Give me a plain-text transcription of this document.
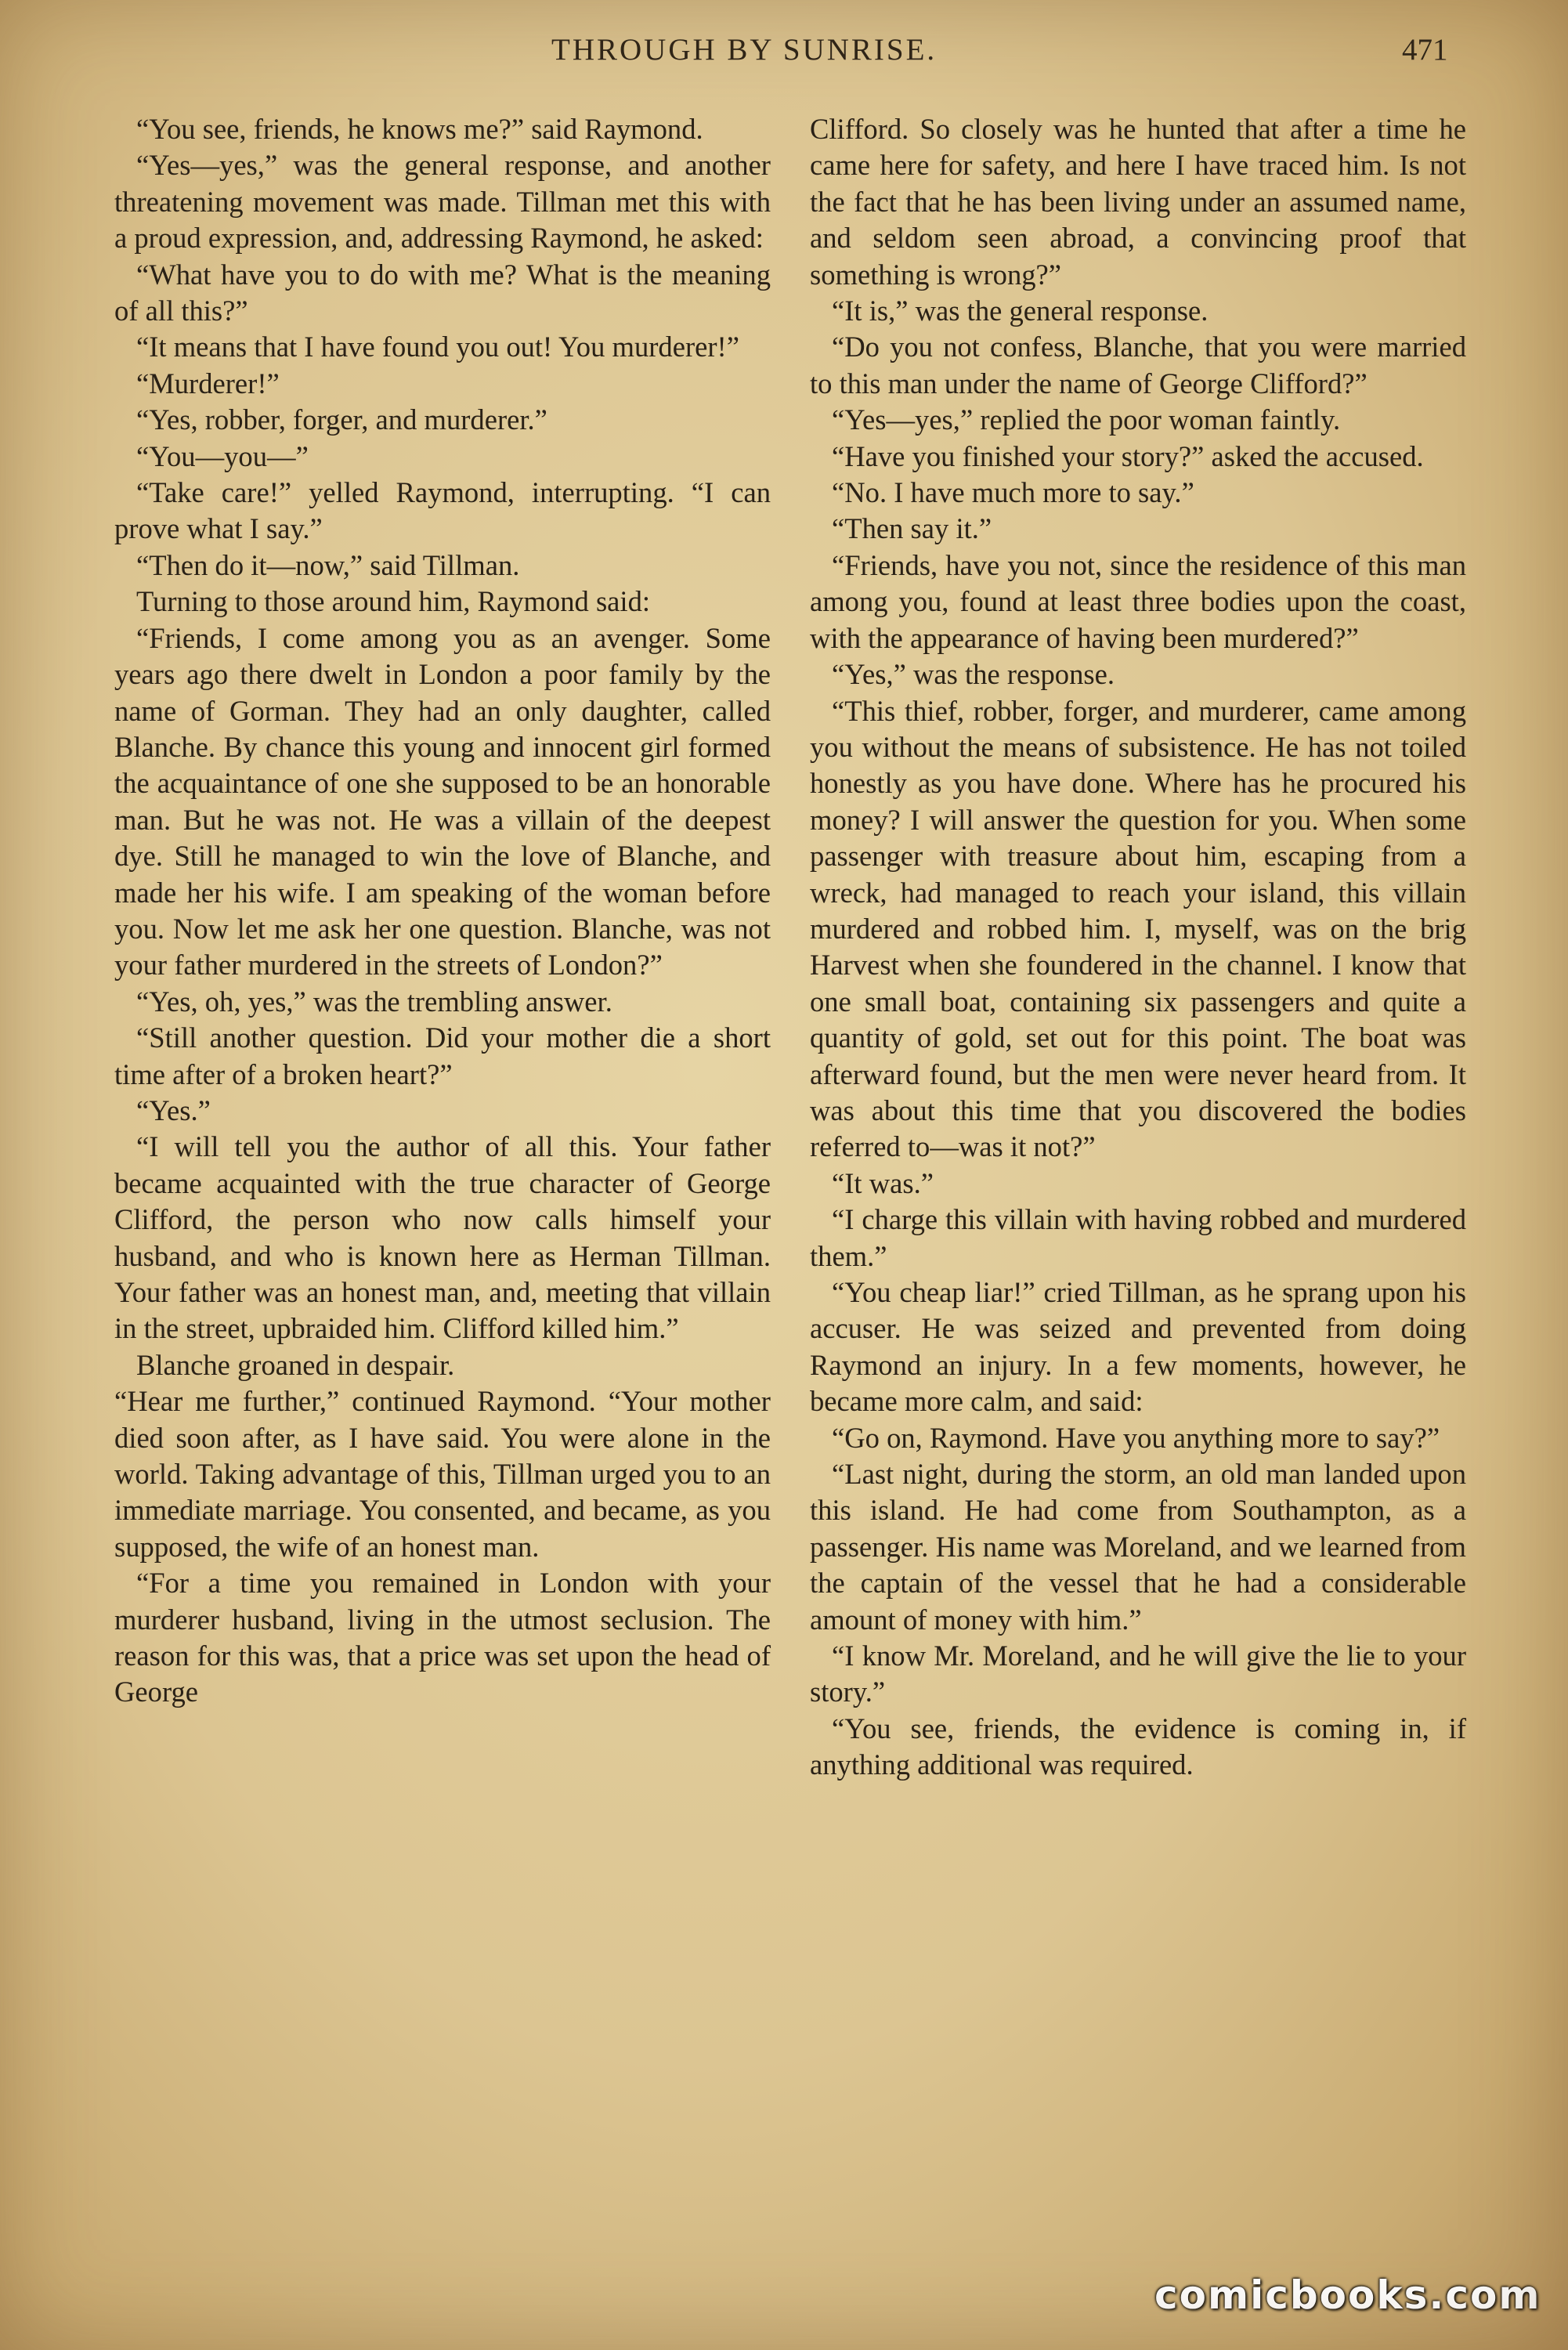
THROUGH BY SUNRISE.	471

“You see, friends, he knows me?” said Raymond.

“Yes—yes,” was the general response, and another threatening movement was made. Tillman met this with a proud expression, and, addressing Raymond, he asked:

“What have you to do with me? What is the meaning of all this?”

“It means that I have found you out! You murderer!”

“Murderer!”

“Yes, robber, forger, and murderer.”

“You—you—”

“Take care!” yelled Raymond, interrupting. “I can prove what I say.”

“Then do it—now,” said Tillman.

Turning to those around him, Raymond said:

“Friends, I come among you as an avenger. Some years ago there dwelt in London a poor family by the name of Gorman. They had an only daughter, called Blanche. By chance this young and innocent girl formed the acquaintance of one she supposed to be an honorable man. But he was not. He was a villain of the deepest dye. Still he managed to win the love of Blanche, and made her his wife. I am speaking of the woman before you. Now let me ask her one question. Blanche, was not your father murdered in the streets of London?”

“Yes, oh, yes,” was the trembling answer.

“Still another question. Did your mother die a short time after of a broken heart?”

“Yes.”

“I will tell you the author of all this. Your father became acquainted with the true character of George Clifford, the person who now calls himself your husband, and who is known here as Herman Tillman. Your father was an honest man, and, meeting that villain in the street, upbraided him. Clifford killed him.”

Blanche groaned in despair.

“Hear me further,” continued Raymond. “Your mother died soon after, as I have said. You were alone in the world. Taking advantage of this, Tillman urged you to an immediate marriage. You consented, and became, as you supposed, the wife of an honest man.

“For a time you remained in London with your murderer husband, living in the utmost seclusion. The reason for this was, that a price was set upon the head of George

Clifford. So closely was he hunted that after a time he came here for safety, and here I have traced him. Is not the fact that he has been living under an assumed name, and seldom seen abroad, a convincing proof that something is wrong?”

“It is,” was the general response.

“Do you not confess, Blanche, that you were married to this man under the name of George Clifford?”

“Yes—yes,” replied the poor woman faintly.

“Have you finished your story?” asked the accused.

“No. I have much more to say.”

“Then say it.”

“Friends, have you not, since the residence of this man among you, found at least three bodies upon the coast, with the appearance of having been murdered?”

“Yes,” was the response.

“This thief, robber, forger, and murderer, came among you without the means of subsistence. He has not toiled honestly as you have done. Where has he procured his money? I will answer the question for you. When some passenger with treasure about him, escaping from a wreck, had managed to reach your island, this villain murdered and robbed him. I, myself, was on the brig Harvest when she foundered in the channel. I know that one small boat, containing six passengers and quite a quantity of gold, set out for this point. The boat was afterward found, but the men were never heard from. It was about this time that you discovered the bodies referred to—was it not?”

“It was.”

“I charge this villain with having robbed and murdered them.”

“You cheap liar!” cried Tillman, as he sprang upon his accuser. He was seized and prevented from doing Raymond an injury. In a few moments, however, he became more calm, and said:

“Go on, Raymond. Have you anything more to say?”

“Last night, during the storm, an old man landed upon this island. He had come from Southampton, as a passenger. His name was Moreland, and we learned from the captain of the vessel that he had a considerable amount of money with him.”

“I know Mr. Moreland, and he will give the lie to your story.”

“You see, friends, the evidence is coming in, if anything additional was required.

comicbooks.com
